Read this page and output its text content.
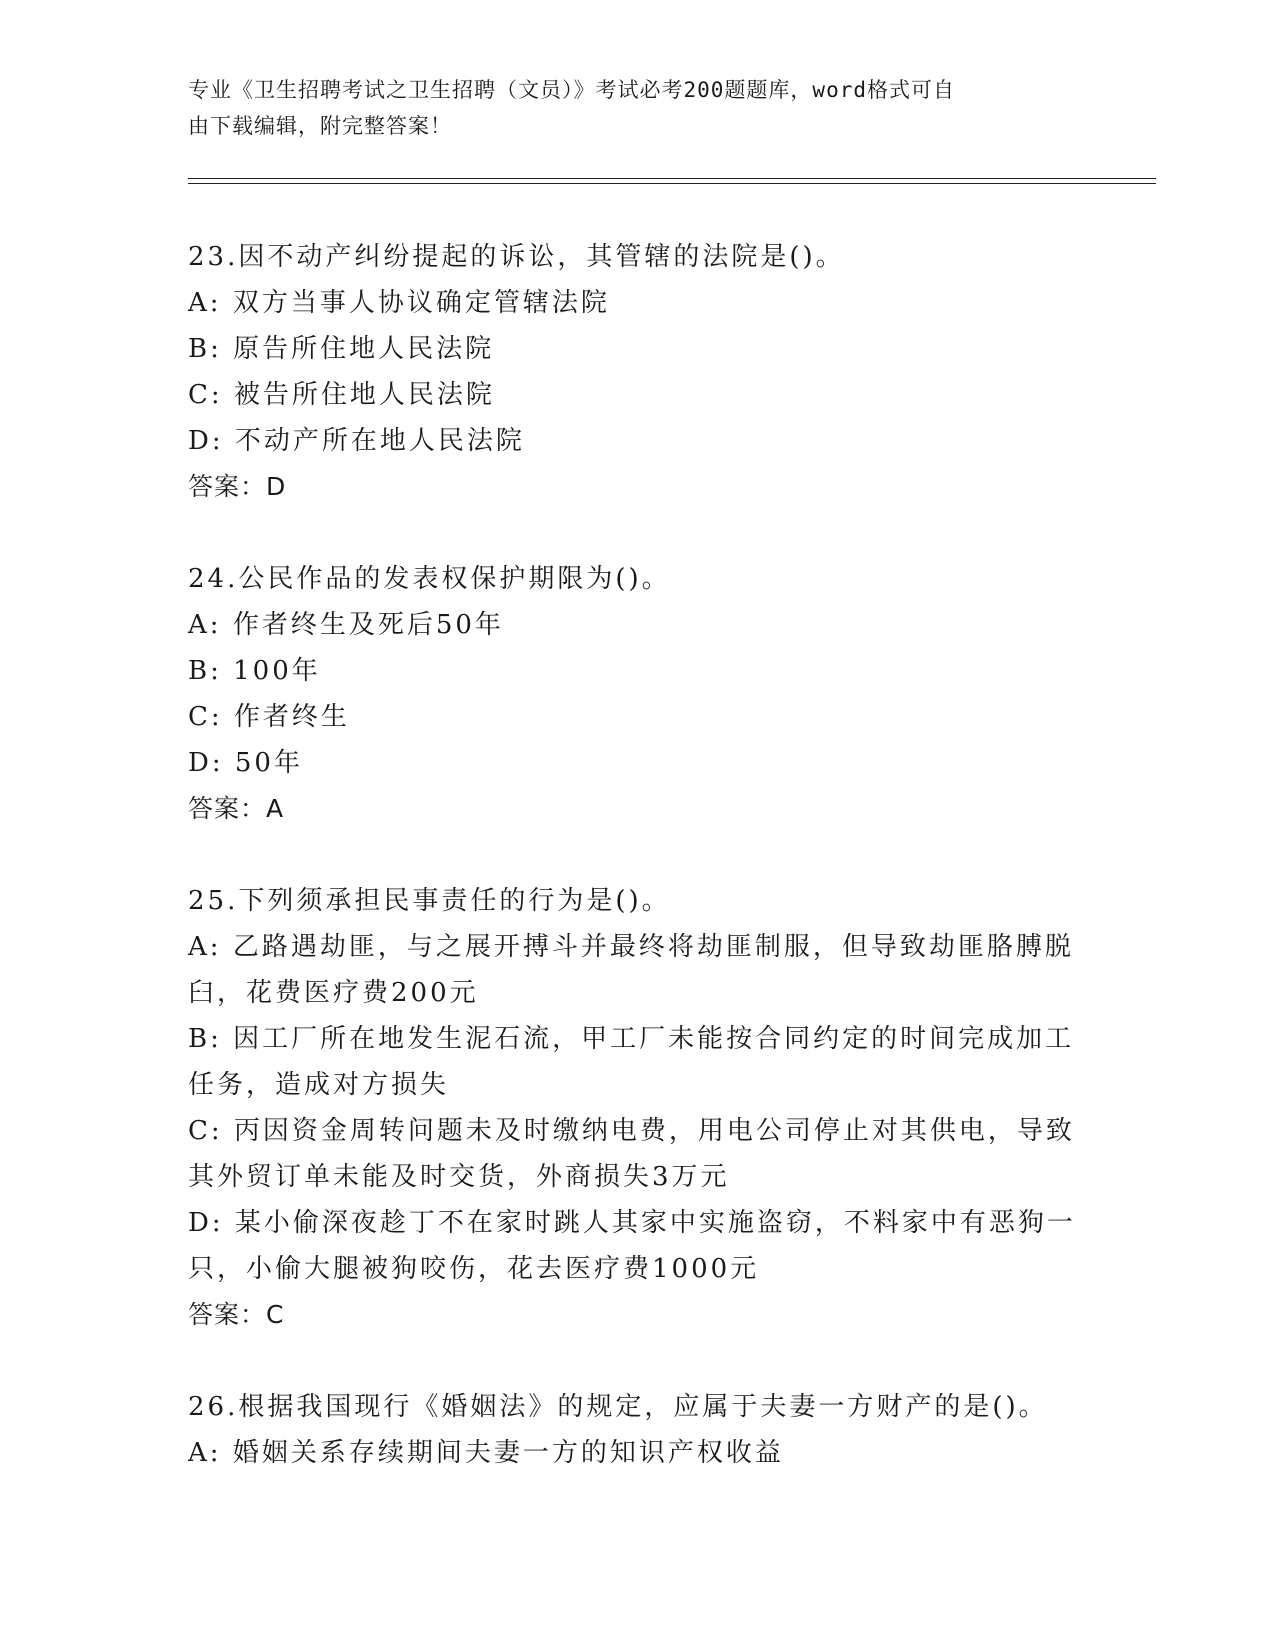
专业《卫生招聘考试之卫生招聘（文员）》考试必考200题题库，word格式可自
由下载编辑，附完整答案！

23.因不动产纠纷提起的诉讼，其管辖的法院是()。

A: 双方当事人协议确定管辖法院

B: 原告所住地人民法院

C: 被告所住地人民法院

D: 不动产所在地人民法院

答案：D

24.公民作品的发表权保护期限为()。

A: 作者终生及死后50年

B: 100年

C: 作者终生

D: 50年

答案：A

25.下列须承担民事责任的行为是()。

A: 乙路遇劫匪，与之展开搏斗并最终将劫匪制服，但导致劫匪胳膊脱臼，花费医疗费200元

B: 因工厂所在地发生泥石流，甲工厂未能按合同约定的时间完成加工任务，造成对方损失

C: 丙因资金周转问题未及时缴纳电费，用电公司停止对其供电，导致其外贸订单未能及时交货，外商损失3万元

D: 某小偷深夜趁丁不在家时跳人其家中实施盗窃，不料家中有恶狗一只，小偷大腿被狗咬伤，花去医疗费1000元

答案：C

26.根据我国现行《婚姻法》的规定，应属于夫妻一方财产的是()。

A: 婚姻关系存续期间夫妻一方的知识产权收益
